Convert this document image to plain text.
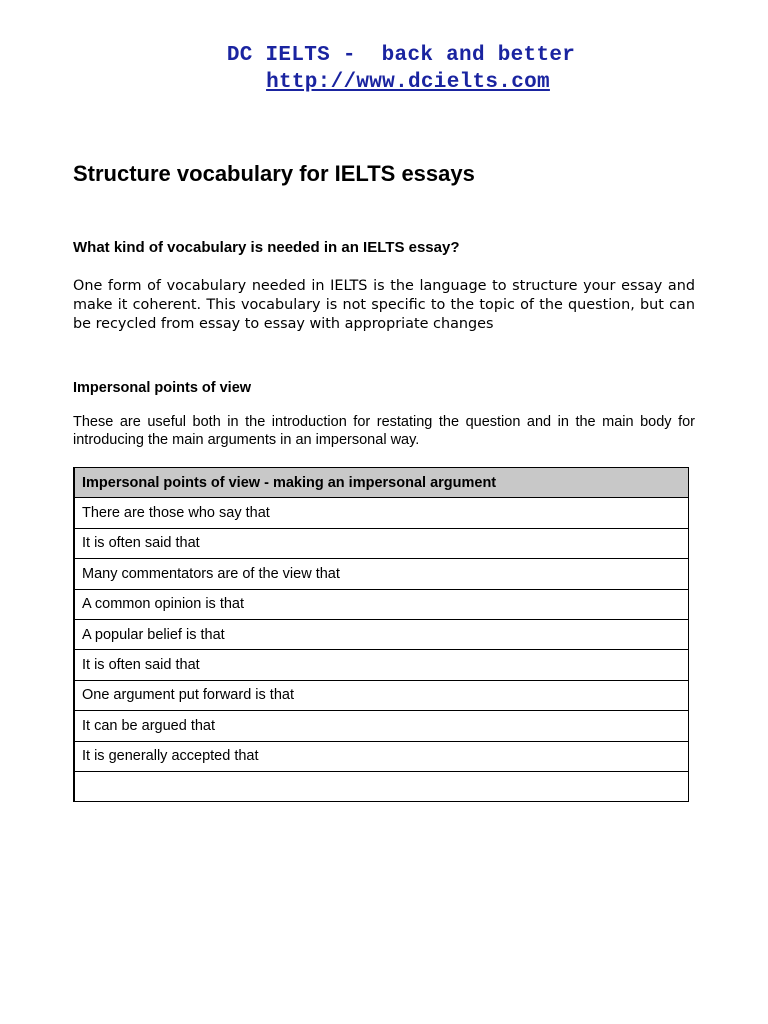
DC IELTS -  back and better
http://www.dcielts.com
Structure vocabulary for IELTS essays
What kind of vocabulary is needed in an IELTS essay?

One form of vocabulary needed in IELTS is the language to structure your essay and make it coherent. This vocabulary is not specific to the topic of the question, but can be recycled from essay to essay with appropriate changes

Impersonal points of view

These are useful both in the introduction for restating the question and in the main body for introducing the main arguments in an impersonal way.

Impersonal points of view - making an impersonal argument
There are those who say that
It is often said that
Many commentators are of the view that
A common opinion is that
A popular belief is that
It is often said that
One argument put forward is that
It can be argued that
It is generally accepted that
